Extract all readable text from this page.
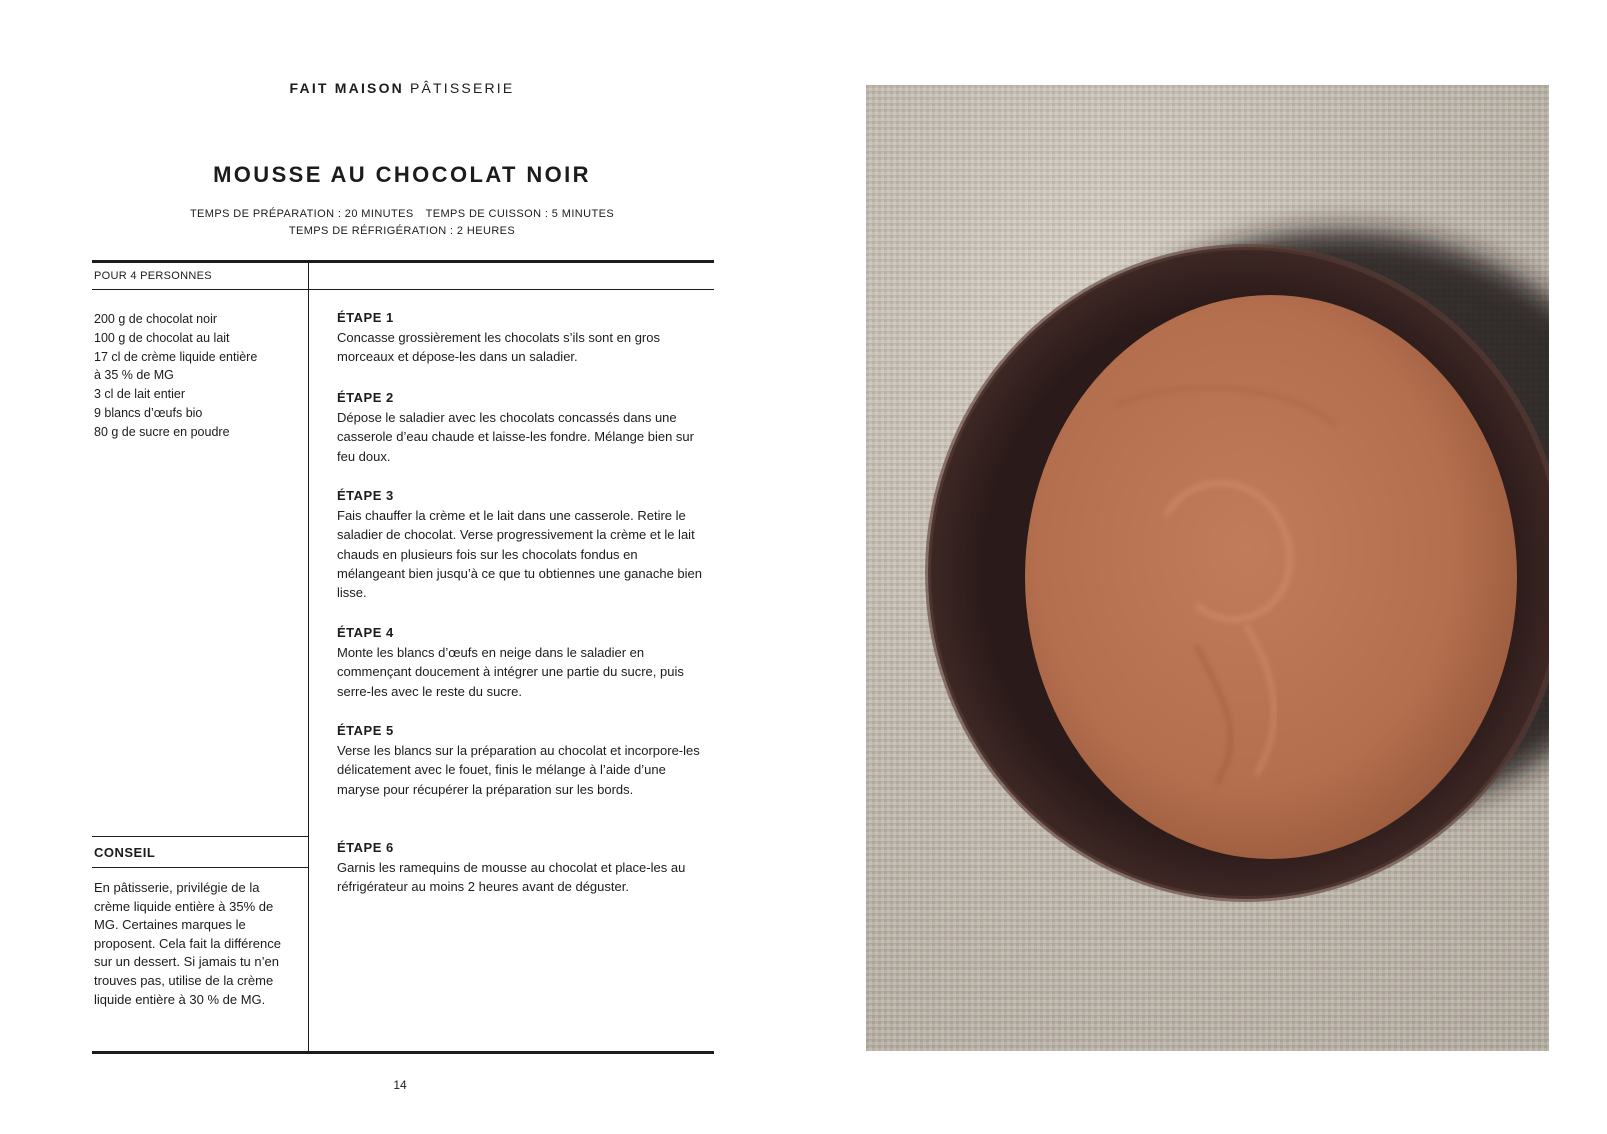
FAIT MAISON PÂTISSERIE
MOUSSE AU CHOCOLAT NOIR
TEMPS DE PRÉPARATION : 20 MINUTES TEMPS DE CUISSON : 5 MINUTES
TEMPS DE RÉFRIGÉRATION : 2 HEURES
POUR 4 PERSONNES
200 g de chocolat noir
100 g de chocolat au lait
17 cl de crème liquide entière
à 35 % de MG
3 cl de lait entier
9 blancs d’œufs bio
80 g de sucre en poudre
CONSEIL

En pâtisserie, privilégie de la crème liquide entière à 35% de MG. Certaines marques le proposent. Cela fait la différence sur un dessert. Si jamais tu n’en trouves pas, utilise de la crème liquide entière à 30 % de MG.

ÉTAPE 1

Concasse grossièrement les chocolats s’ils sont en gros morceaux et dépose-les dans un saladier.

ÉTAPE 2

Dépose le saladier avec les chocolats concassés dans une casserole d’eau chaude et laisse-les fondre. Mélange bien sur feu doux.

ÉTAPE 3

Fais chauffer la crème et le lait dans une casserole. Retire le saladier de chocolat. Verse progressivement la crème et le lait chauds en plusieurs fois sur les chocolats fondus en mélangeant bien jusqu’à ce que tu obtiennes une ganache bien lisse.

ÉTAPE 4

Monte les blancs d’œufs en neige dans le saladier en commençant doucement à intégrer une partie du sucre, puis serre-les avec le reste du sucre.

ÉTAPE 5

Verse les blancs sur la préparation au chocolat et incorpore-les délicatement avec le fouet, finis le mélange à l’aide d’une maryse pour récupérer la préparation sur les bords.

ÉTAPE 6

Garnis les ramequins de mousse au chocolat et place-les au réfrigérateur au moins 2 heures avant de déguster.

14
